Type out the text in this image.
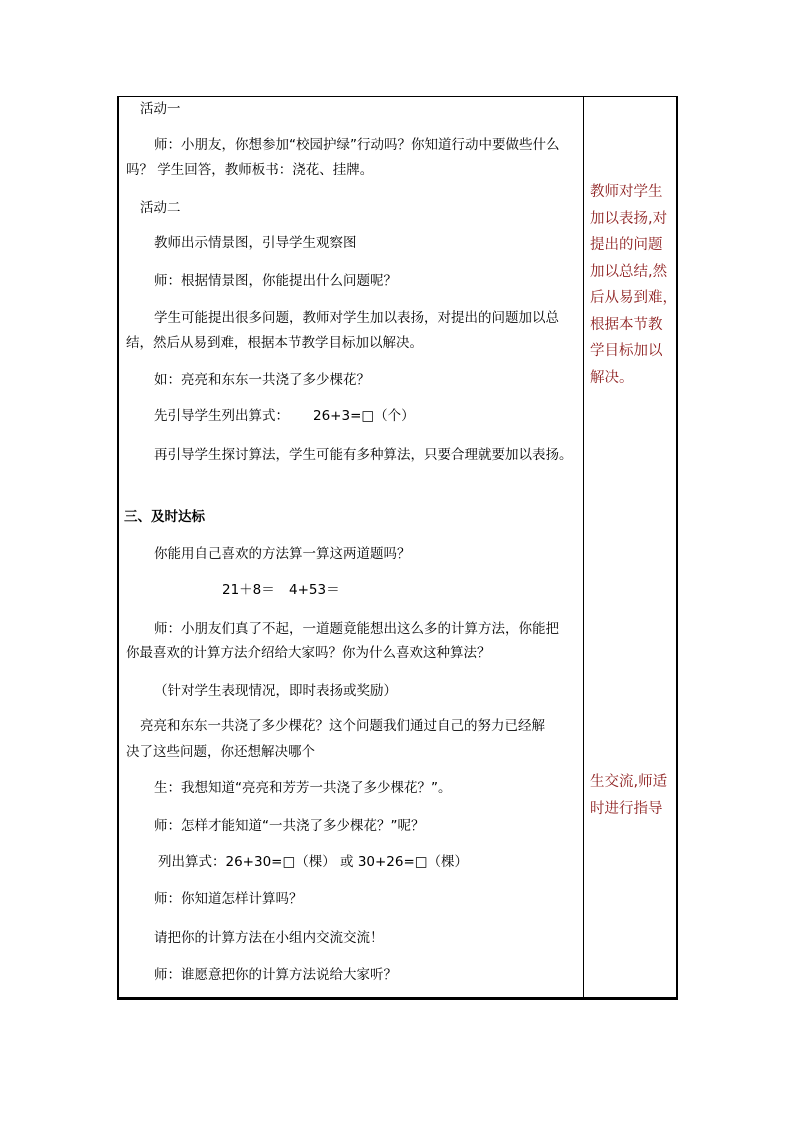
活动一
师：小朋友，你想参加“校园护绿”行动吗？你知道行动中要做些什么
吗？ 学生回答，教师板书：浇花、挂牌。
活动二
教师出示情景图，引导学生观察图
师：根据情景图，你能提出什么问题呢？
学生可能提出很多问题，教师对学生加以表扬，对提出的问题加以总
结，然后从易到难，根据本节教学目标加以解决。
如：亮亮和东东一共浇了多少棵花？
先引导学生列出算式： 26+3=□（个）
再引导学生探讨算法，学生可能有多种算法，只要合理就要加以表扬。
三、及时达标
你能用自己喜欢的方法算一算这两道题吗？
21＋8＝ 4+53＝
师：小朋友们真了不起，一道题竟能想出这么多的计算方法，你能把
你最喜欢的计算方法介绍给大家吗？你为什么喜欢这种算法？
（针对学生表现情况，即时表扬或奖励）
亮亮和东东一共浇了多少棵花？这个问题我们通过自己的努力已经解
决了这些问题，你还想解决哪个
生：我想知道“亮亮和芳芳一共浇了多少棵花？”。
师：怎样才能知道“一共浇了多少棵花？”呢？
列出算式：26+30=□（棵） 或 30+26=□（棵）
师：你知道怎样计算吗？
请把你的计算方法在小组内交流交流！
师：谁愿意把你的计算方法说给大家听？
教师对学生
加以表扬,对
提出的问题
加以总结,然
后从易到难，
根据本节教
学目标加以
解决。
生交流,师适
时进行指导
